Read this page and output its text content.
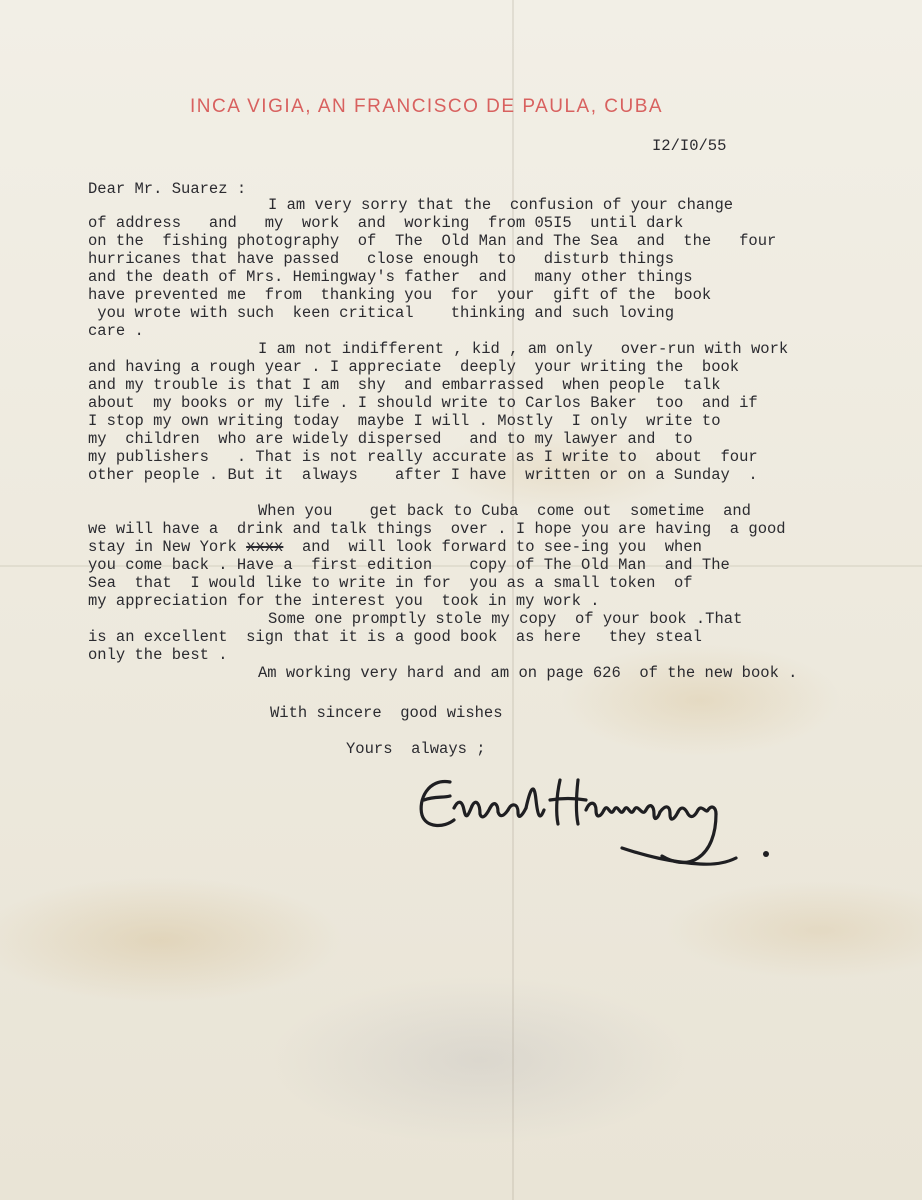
INCA VIGIA, AN FRANCISCO DE PAULA, CUBA
I2/I0/55
Dear Mr. Suarez :
I am very sorry that the  confusion of your change
of address   and   my  work  and  working  from 05I5  until dark
on the  fishing photography  of  The  Old Man and The Sea  and  the   four
hurricanes that have passed   close enough  to   disturb things
and the death of Mrs. Hemingway's father  and   many other things
have prevented me  from  thanking you  for  your  gift of the  book
you wrote with such  keen critical    thinking and such loving
care .
I am not indifferent , kid , am only   over-run with work
and having a rough year . I appreciate  deeply  your writing the  book
and my trouble is that I am  shy  and embarrassed  when people  talk
about  my books or my life . I should write to Carlos Baker  too  and if
I stop my own writing today  maybe I will . Mostly  I only  write to
my  children  who are widely dispersed   and to my lawyer and  to
my publishers   . That is not really accurate as I write to  about  four
other people . But it  always    after I have  written or on a Sunday  .
When you    get back to Cuba  come out  sometime  and
we will have a  drink and talk things  over . I hope you are having  a good
stay in New York xxxx  and  will look forward to see-ing you  when
you come back . Have a  first edition    copy of The Old Man  and The
Sea  that  I would like to write in for  you as a small token  of
my appreciation for the interest you  took in my work .
Some one promptly stole my copy  of your book .That
is an excellent  sign that it is a good book  as here   they steal
only the best .
Am working very hard and am on page 626  of the new book .
With sincere  good wishes
Yours  always ;
